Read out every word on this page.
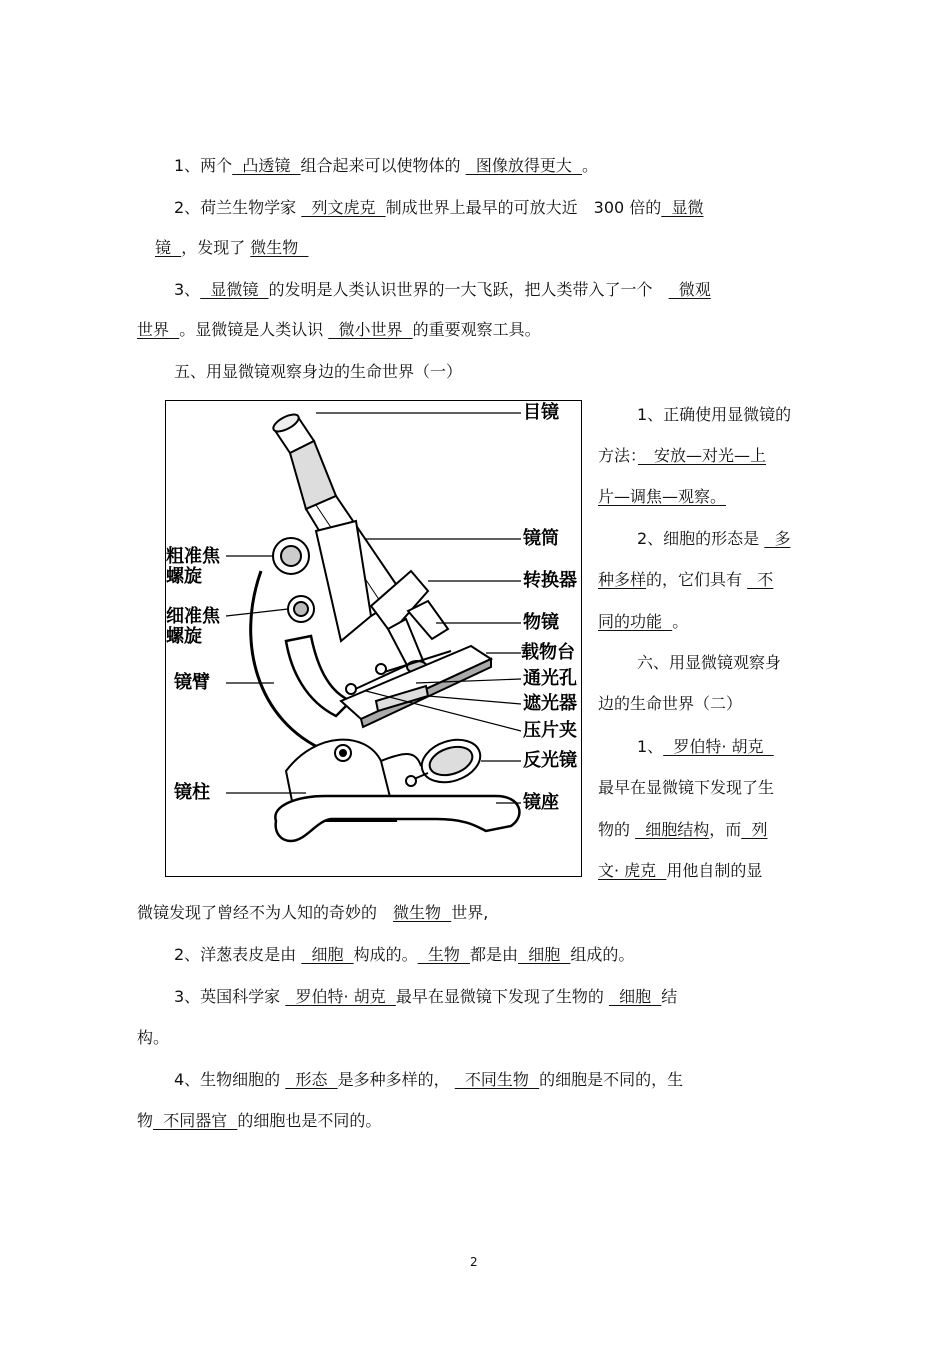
1、两个  凸透镜  组合起来可以使物体的   图像放得更大  。
2、荷兰生物学家   列文虎克  制成世界上最早的可放大近　300 倍的  显微
镜  ，发现了 微生物
3、  显微镜  的发明是人类认识世界的一大飞跃，把人类带入了一个　  微观
世界  。显微镜是人类认识   微小世界  的重要观察工具。
五、用显微镜观察身边的生命世界（一）
目镜
镜筒
粗准焦
螺旋	转换器
细准焦
螺旋
物镜
载物台
镜臂	通光孔
遮光器
压片夹
反光镜
镜柱	镜座
1、正确使用显微镜的
方法：　安放—对光—上
片—调焦—观察。
2、细胞的形态是   多
种多样的，它们具有   不
同的功能  。
六、用显微镜观察身
边的生命世界（二）
1、  罗伯特· 胡克
最早在显微镜下发现了生
物的   细胞结构，而  列
文· 虎克  用他自制的显
微镜发现了曾经不为人知的奇妙的　 微生物  世界,
2、洋葱表皮是由   细胞  构成的。  生物  都是由  细胞  组成的。
3、英国科学家   罗伯特· 胡克  最早在显微镜下发现了生物的   细胞  结
构。
4、生物细胞的   形态  是多种多样的，   不同生物  的细胞是不同的，生
物  不同器官  的细胞也是不同的。
2
